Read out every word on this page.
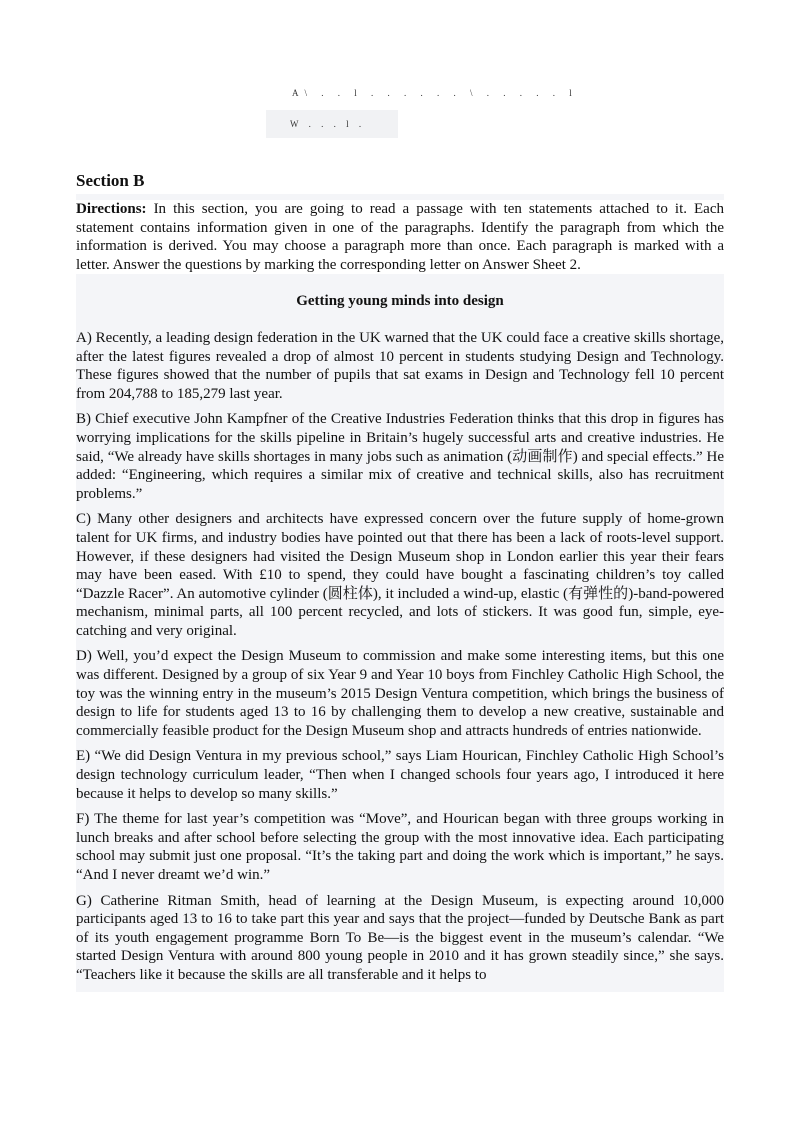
A\ . . l . . . . . . \ . . . . . l
W . . . l .
Section B
Directions: In this section, you are going to read a passage with ten statements attached to it. Each statement contains information given in one of the paragraphs. Identify the paragraph from which the information is derived. You may choose a paragraph more than once. Each paragraph is marked with a letter. Answer the questions by marking the corresponding letter on Answer Sheet 2.
Getting young minds into design
A) Recently, a leading design federation in the UK warned that the UK could face a creative skills shortage, after the latest figures revealed a drop of almost 10 percent in students studying Design and Technology. These figures showed that the number of pupils that sat exams in Design and Technology fell 10 percent from 204,788 to 185,279 last year.
B) Chief executive John Kampfner of the Creative Industries Federation thinks that this drop in figures has worrying implications for the skills pipeline in Britain’s hugely successful arts and creative industries. He said, “We already have skills shortages in many jobs such as animation (动画制作) and special effects.” He added: “Engineering, which requires a similar mix of creative and technical skills, also has recruitment problems.”
C) Many other designers and architects have expressed concern over the future supply of home-grown talent for UK firms, and industry bodies have pointed out that there has been a lack of roots-level support. However, if these designers had visited the Design Museum shop in London earlier this year their fears may have been eased. With £10 to spend, they could have bought a fascinating children’s toy called “Dazzle Racer”. An automotive cylinder (圆柱体), it included a wind-up, elastic (有弹性的)-band-powered mechanism, minimal parts, all 100 percent recycled, and lots of stickers. It was good fun, simple, eye-catching and very original.
D) Well, you’d expect the Design Museum to commission and make some interesting items, but this one was different. Designed by a group of six Year 9 and Year 10 boys from Finchley Catholic High School, the toy was the winning entry in the museum’s 2015 Design Ventura competition, which brings the business of design to life for students aged 13 to 16 by challenging them to develop a new creative, sustainable and commercially feasible product for the Design Museum shop and attracts hundreds of entries nationwide.
E) “We did Design Ventura in my previous school,” says Liam Hourican, Finchley Catholic High School’s design technology curriculum leader, “Then when I changed schools four years ago, I introduced it here because it helps to develop so many skills.”
F) The theme for last year’s competition was “Move”, and Hourican began with three groups working in lunch breaks and after school before selecting the group with the most innovative idea. Each participating school may submit just one proposal. “It’s the taking part and doing the work which is important,” he says. “And I never dreamt we’d win.”
G) Catherine Ritman Smith, head of learning at the Design Museum, is expecting around 10,000 participants aged 13 to 16 to take part this year and says that the project—funded by Deutsche Bank as part of its youth engagement programme Born To Be—is the biggest event in the museum’s calendar. “We started Design Ventura with around 800 young people in 2010 and it has grown steadily since,” she says. “Teachers like it because the skills are all transferable and it helps to
